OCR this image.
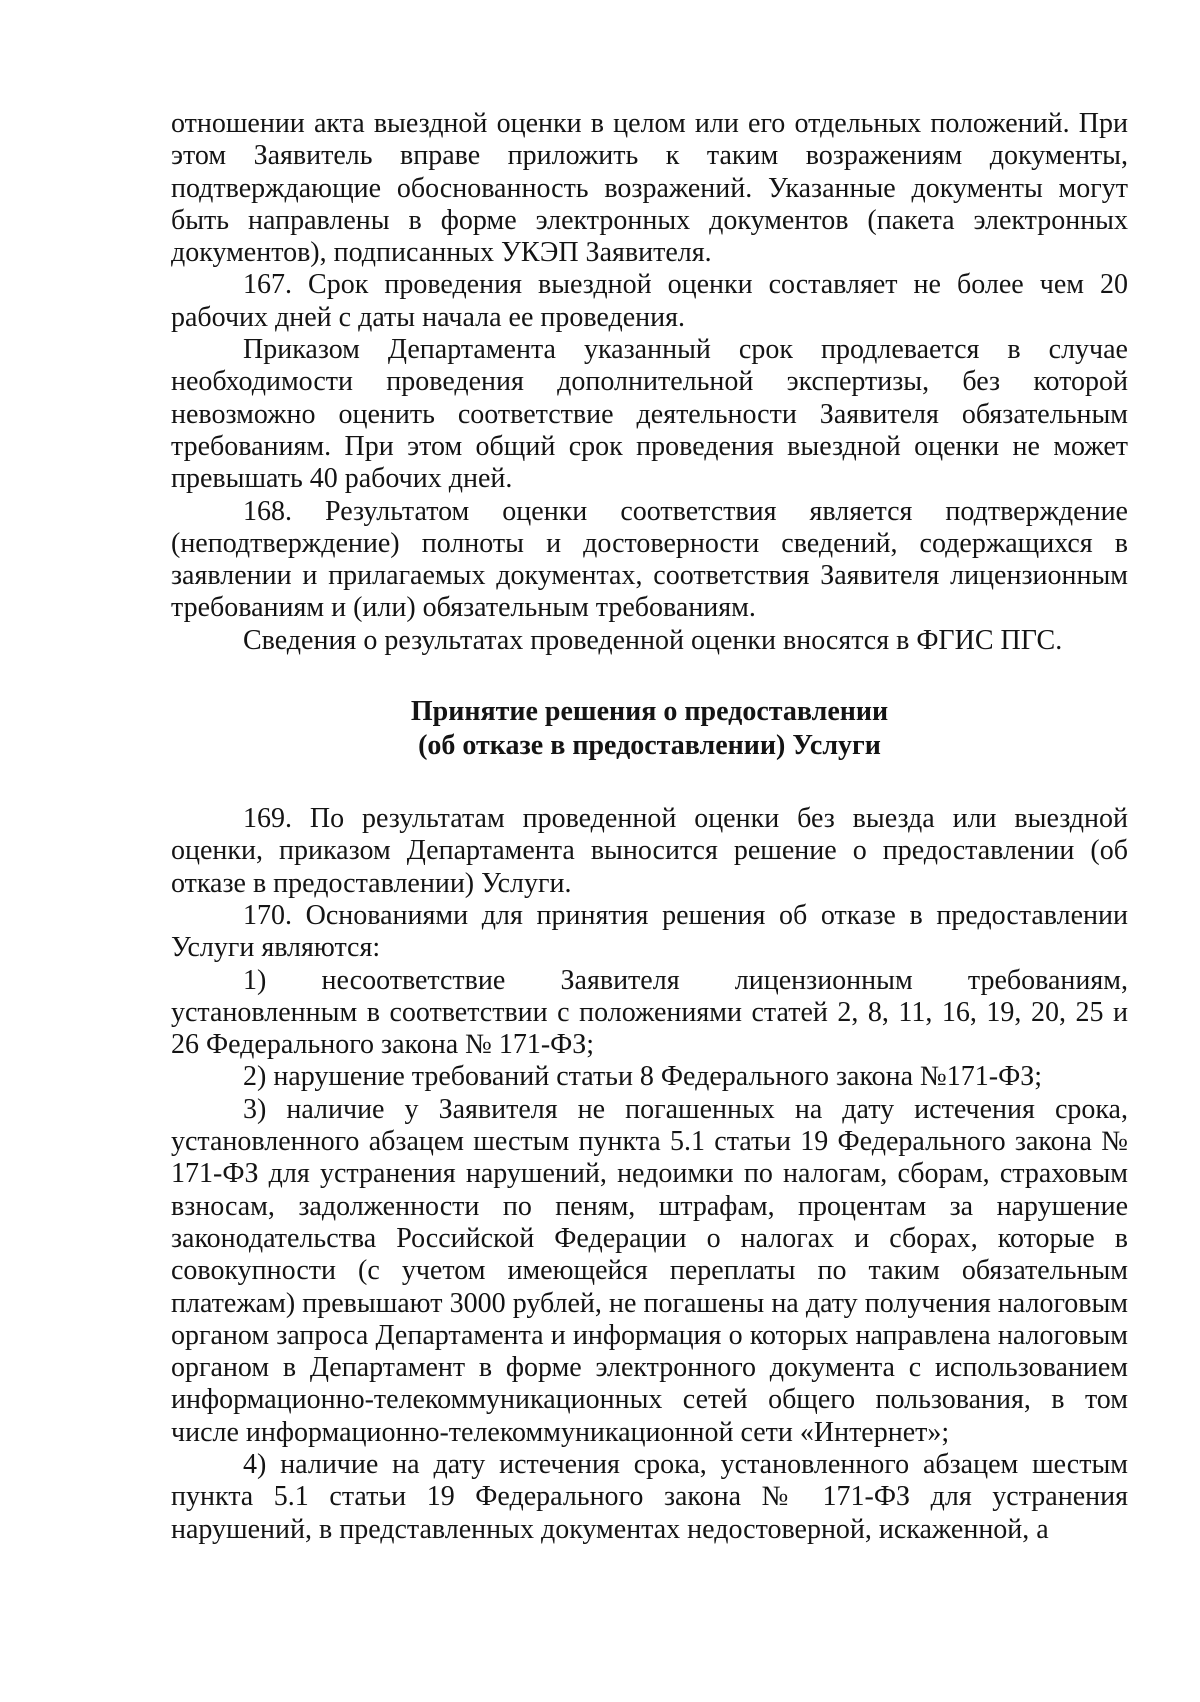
отношении акта выездной оценки в целом или его отдельных положений. При этом Заявитель вправе приложить к таким возражениям документы, подтверждающие обоснованность возражений. Указанные документы могут быть направлены в форме электронных документов (пакета электронных документов), подписанных УКЭП Заявителя.

167. Срок проведения выездной оценки составляет не более чем 20 рабочих дней с даты начала ее проведения.

Приказом Департамента указанный срок продлевается в случае необходимости проведения дополнительной экспертизы, без которой невозможно оценить соответствие деятельности Заявителя обязательным требованиям. При этом общий срок проведения выездной оценки не может превышать 40 рабочих дней.

168. Результатом оценки соответствия является подтверждение (неподтверждение) полноты и достоверности сведений, содержащихся в заявлении и прилагаемых документах, соответствия Заявителя лицензионным требованиям и (или) обязательным требованиям.

Сведения о результатах проведенной оценки вносятся в ФГИС ПГС.

Принятие решения о предоставлении
(об отказе в предоставлении) Услуги

169. По результатам проведенной оценки без выезда или выездной оценки, приказом Департамента выносится решение о предоставлении (об отказе в предоставлении) Услуги.

170. Основаниями для принятия решения об отказе в предоставлении Услуги являются:

1) несоответствие Заявителя лицензионным требованиям, установленным в соответствии с положениями статей 2, 8, 11, 16, 19, 20, 25 и 26 Федерального закона № 171-ФЗ;

2) нарушение требований статьи 8 Федерального закона №171-ФЗ;

3) наличие у Заявителя не погашенных на дату истечения срока, установленного абзацем шестым пункта 5.1 статьи 19 Федерального закона № 171-ФЗ для устранения нарушений, недоимки по налогам, сборам, страховым взносам, задолженности по пеням, штрафам, процентам за нарушение законодательства Российской Федерации о налогах и сборах, которые в совокупности (с учетом имеющейся переплаты по таким обязательным платежам) превышают 3000 рублей, не погашены на дату получения налоговым органом запроса Департамента и информация о которых направлена налоговым органом в Департамент в форме электронного документа с использованием информационно-телекоммуникационных сетей общего пользования, в том числе информационно-телекоммуникационной сети «Интернет»;

4) наличие на дату истечения срока, установленного абзацем шестым пункта 5.1 статьи 19 Федерального закона № 171-ФЗ для устранения нарушений, в представленных документах недостоверной, искаженной, а
